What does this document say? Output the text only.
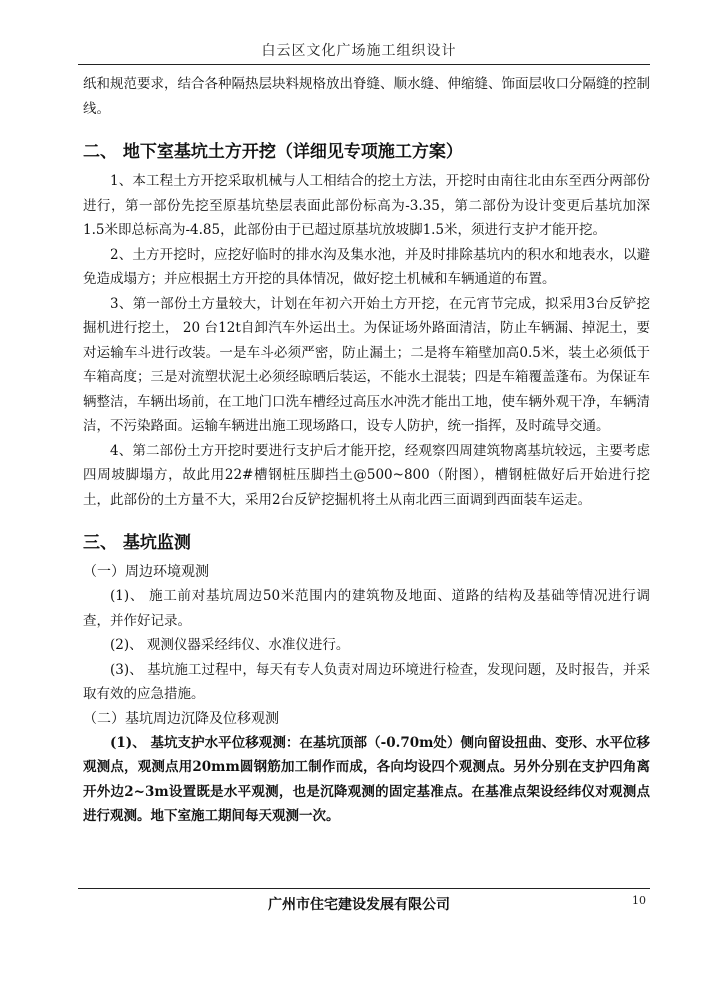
白云区文化广场施工组织设计

纸和规范要求，结合各种隔热层块料规格放出脊缝、顺水缝、伸缩缝、饰面层收口分隔缝的控制线。

二、 地下室基坑土方开挖（详细见专项施工方案）

1、本工程土方开挖采取机械与人工相结合的挖土方法，开挖时由南往北由东至西分两部份进行，第一部份先挖至原基坑垫层表面此部份标高为-3.35，第二部份为设计变更后基坑加深1.5米即总标高为-4.85，此部份由于已超过原基坑放坡脚1.5米，须进行支护才能开挖。

2、土方开挖时，应挖好临时的排水沟及集水池，并及时排除基坑内的积水和地表水，以避免造成塌方；并应根据土方开挖的具体情况，做好挖土机械和车辆通道的布置。

3、第一部份土方量较大，计划在年初六开始土方开挖，在元宵节完成，拟采用3台反铲挖掘机进行挖土， 20 台12t自卸汽车外运出土。为保证场外路面清洁，防止车辆漏、掉泥土，要对运输车斗进行改装。一是车斗必须严密，防止漏土；二是将车箱壁加高0.5米，装土必须低于车箱高度；三是对流塑状泥土必须经晾晒后装运，不能水土混装；四是车箱覆盖蓬布。为保证车辆整洁，车辆出场前，在工地门口洗车槽经过高压水冲洗才能出工地，使车辆外观干净，车辆清洁，不污染路面。运输车辆进出施工现场路口，设专人防护，统一指挥，及时疏导交通。

4、第二部份土方开挖时要进行支护后才能开挖，经观察四周建筑物离基坑较远，主要考虑四周坡脚塌方，故此用22#槽钢桩压脚挡土@500~800（附图），槽钢桩做好后开始进行挖土，此部份的土方量不大，采用2台反铲挖掘机将土从南北西三面调到西面装车运走。

三、 基坑监测
（一）周边环境观测

(1)、 施工前对基坑周边50米范围内的建筑物及地面、道路的结构及基础等情况进行调查，并作好记录。

(2)、 观测仪器采经纬仪、水准仪进行。

(3)、 基坑施工过程中，每天有专人负责对周边环境进行检查，发现问题，及时报告，并采取有效的应急措施。

（二）基坑周边沉降及位移观测

(1)、 基坑支护水平位移观测：在基坑顶部（-0.70m处）侧向留设扭曲、变形、水平位移观测点，观测点用20mm圆钢筋加工制作而成，各向均设四个观测点。另外分别在支护四角离开外边2~3m设置既是水平观测，也是沉降观测的固定基准点。在基准点架设经纬仪对观测点进行观测。地下室施工期间每天观测一次。

广州市住宅建设发展有限公司	10
